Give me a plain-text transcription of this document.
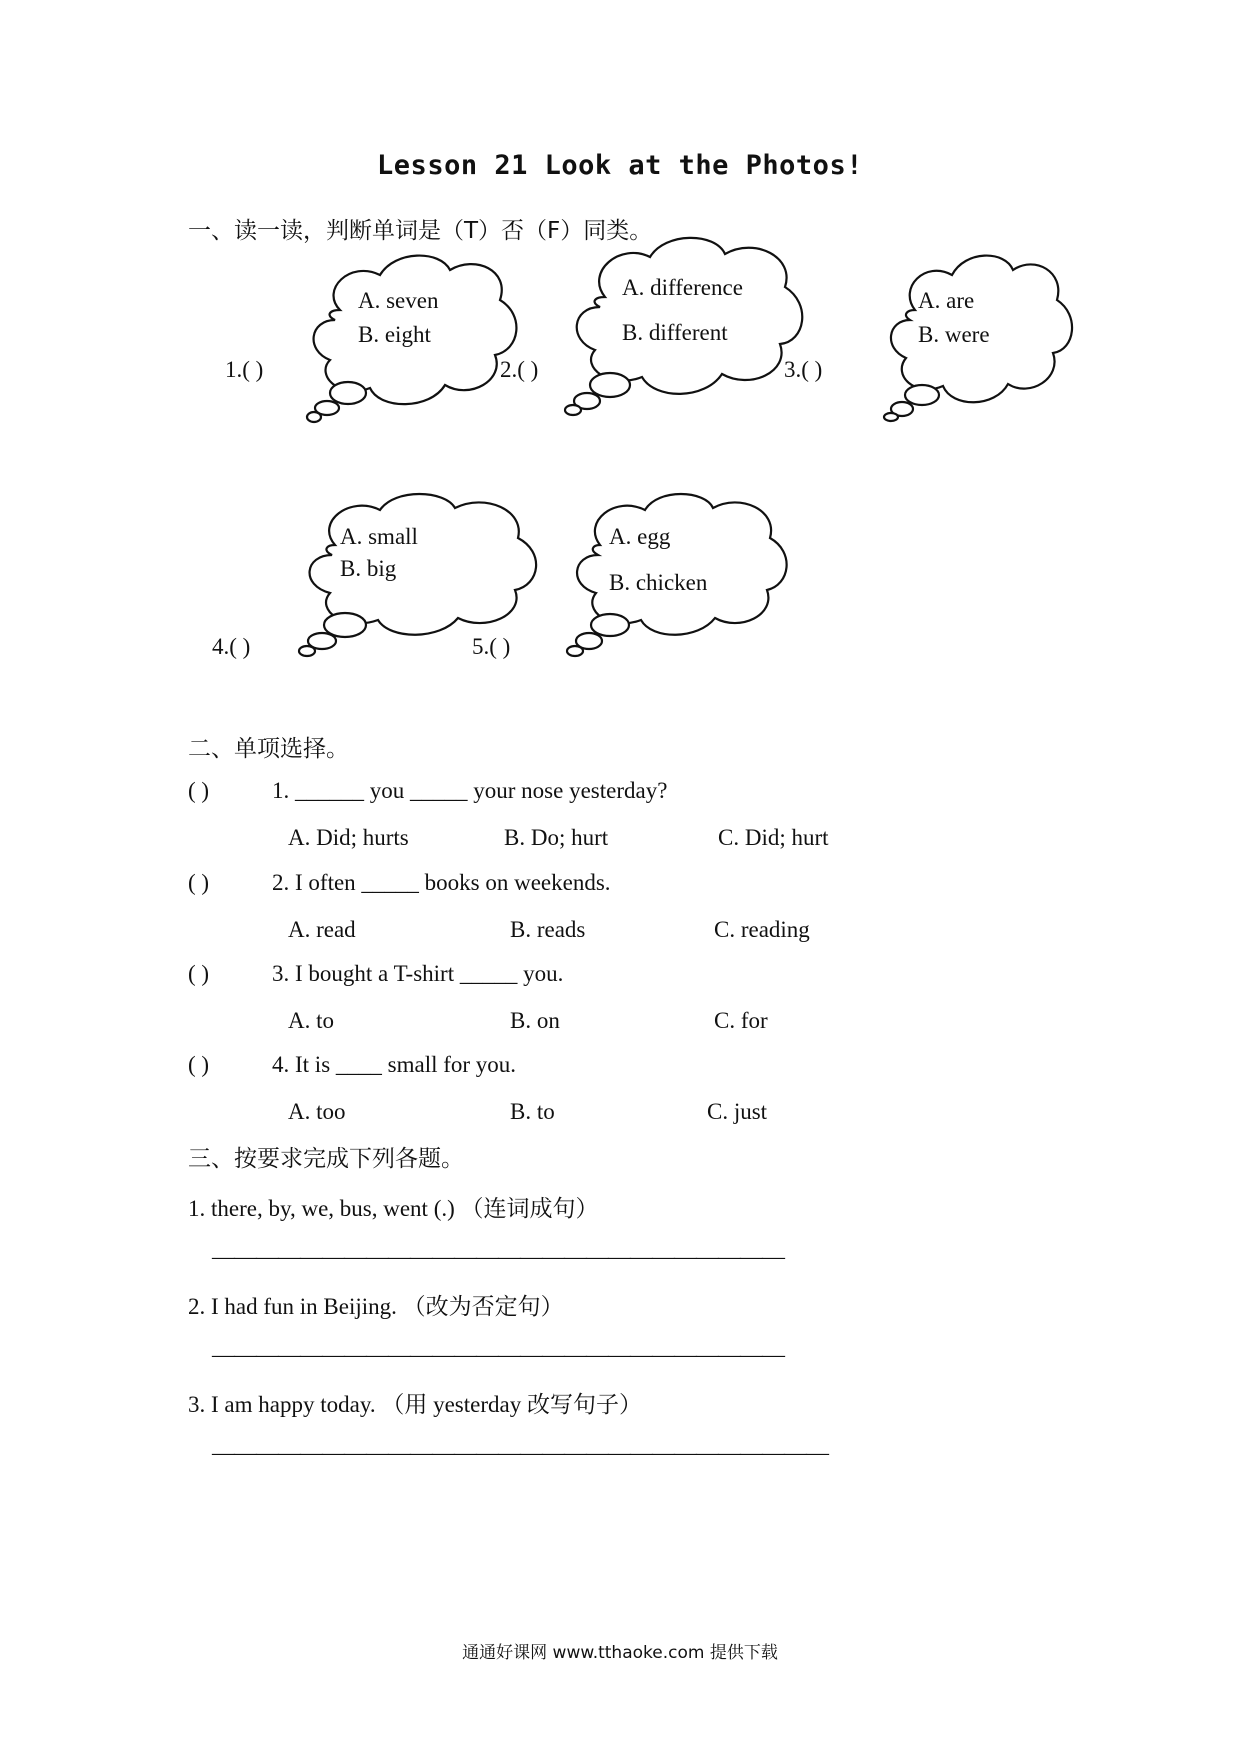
Lesson 21 Look at the Photos!
一、读一读，判断单词是（T）否（F）同类。
A. seven
B. eight
1.( )
A. difference
B. different
2.( )
A. are
B. were
3.( )
A. small
B. big
4.( )
A. egg
B. chicken
5.( )
二、单项选择。
( )	1. ______ you _____ your nose yesterday?
A. Did; hurts	B. Do; hurt	C. Did; hurt
( )	2. I often _____ books on weekends.
A. read	B. reads	C. reading
( )	3. I bought a T-shirt _____ you.
A. to	B. on	C. for
( )	4. It is ____ small for you.
A. too	B. to	C. just
三、按要求完成下列各题。
1. there, by, we, bus, went (.) （连词成句）
——————————————————————————
2. I had fun in Beijing. （改为否定句）
——————————————————————————
3. I am happy today. （用 yesterday 改写句子）
————————————————————————————
通通好课网 www.tthaoke.com 提供下载
